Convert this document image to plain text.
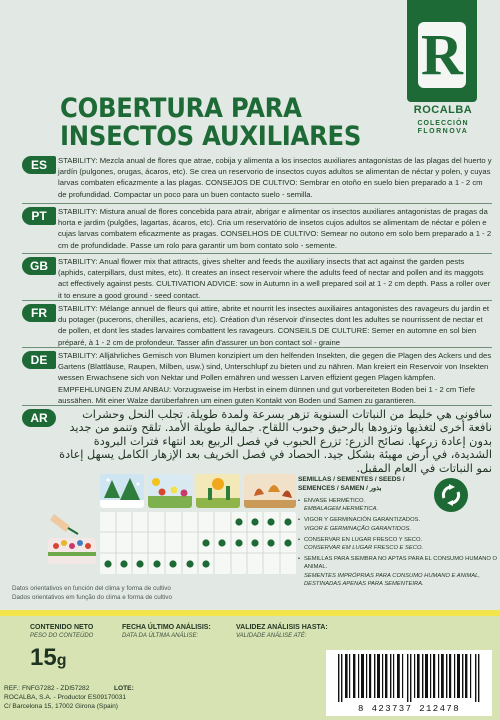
R
ROCALBA
COLECCIÓN
FLORNOVA
COBERTURA PARA
INSECTOS AUXILIARES
ES	STABILITY: Mezcla anual de flores que atrae, cobija y alimenta a los insectos auxiliares antagonistas de las plagas del huerto y jardín (pulgones, orugas, ácaros, etc). Se crea un reservorio de insectos cuyos adultos se alimentan de néctar y polen, y cuyas larvas combaten eficazmente a las plagas. CONSEJOS DE CULTIVO: Sembrar en otoño en suelo bien preparado a 1 - 2 cm de profundidad. Compactar un poco para un buen contacto suelo - semilla.
PT	STABILITY: Mistura anual de flores concebida para atrair, abrigar e alimentar os insectos auxiliares antagonistas de pragas da horta e jardim (pulgões, lagartas, ácaros, etc). Cria um reservatório de insetos cujos adultos se alimentam de néctar e pólen e cujas larvas combatem eficazmente as pragas. CONSELHOS DE CULTIVO: Semear no outono em solo bem preparado a 1 - 2 cm de profundidade. Passe um rolo para garantir um bom contato solo - semente.
GB	STABILITY: Anual flower mix that attracts, gives shelter and feeds the auxiliary insects that act against the garden pests (aphids, caterpillars, dust mites, etc). It creates an insect reservoir where the adults feed of nectar and pollen and its maggots act effectively against pests. CULTIVATION ADVICE: sow in Autumn in a well prepared soil at 1 - 2 cm depth. Pass a roller over it to ensure a good ground - seed contact.
FR	STABILITY: Mélange annuel de fleurs qui attire, abrite et nourrit les insectes auxiliaires antagonistes des ravageurs du jardin et du potager (pucerons, chenilles, acariens, etc). Création d'un réservoir d'insectes dont les adultes se nourrissent de nectar et de pollen, et dont les stades larvaires combattent les ravageurs. CONSEILS DE CULTURE: Semer en automne en sol bien préparé, à 1 - 2 cm de profondeur. Tasser afin d'assurer un bon contact sol - graine
DE	STABILITY: Alljährliches Gemisch von Blumen konzipiert um den helfenden Insekten, die gegen die Plagen des Ackers und des Gartens (Blattläuse, Raupen, Milben, usw.) sind, Unterschlupf zu bieten und zu nähren. Man kreiert ein Reservoir von Insekten wessen Erwachsene sich von Nektar und Pollen ernähren und wessen Larven effizient gegen Plagen kämpfen. EMPFEHLUNGEN ZUM ANBAU: Vorzugsweise im Herbst in einem dünnen und gut vorbereiteten Boden bei 1 - 2 cm Tiefe aussähen. Mit einer Walze darüberfahren um einen guten Kontakt von Boden und Samen zu garantieren.
AR	سافونى هي خليط من النباتات السنوية تزهر بسرعة ولمدة طويلة. تجلب النحل وحشرات نافعة أخرى لتغذيها وتزودها بالرحيق وحبوب اللقاح. جمالية طويلة الأمد. تلقح وتنمو من جديد بدون إعادة زرعها. نصائح الزرع: تزرع الحبوب في فصل الربيع بعد انتهاء فترات البرودة الشديدة، في أرض مهيئة بشكل جيد. الحصاد في فصل الخريف بعد الإزهار الكامل يسهل إعادة نمو النباتات في العام المقبل.
Datos orientativos en función del clima y forma de cultivo
Dados orientativos em função do clima e forma de cultivo
SEMILLAS / SEMENTES / SEEDS /
SEMENCES / SAMEN / بذور
• ENVASE HERMÉTICO.
EMBALAGEM HERMÉTICA.
• VIGOR Y GERMINACIÓN GARANTIZADOS.
VIGOR E GERMINAÇÃO GARANTIDOS.
• CONSERVAR EN LUGAR FRESCO Y SECO.
CONSERVAR EM LUGAR FRESCO E SECO.
• SEMILLAS PARA SIEMBRA NO APTAS PARA EL CONSUMO HUMANO O ANIMAL.
SEMENTES IMPRÓPRIAS PARA CONSUMO HUMANO E ANIMAL, DESTINADAS APENAS PARA SEMENTEIRA.
CONTENIDO NETO
PESO DO CONTEÚDO
15g
FECHA ÚLTIMO ANÁLISIS:
DATA DA ÚLTIMA ANÁLISE:
VALIDEZ ANÁLISIS HASTA:
VALIDADE ANÁLISE ATÉ:
REF.: FNFG7282 - ZDI57282	LOTE:
ROCALBA, S.A. - Productor ES09170031
C/ Barcelona 15, 17002 Girona (Spain)	8 423737 212478
